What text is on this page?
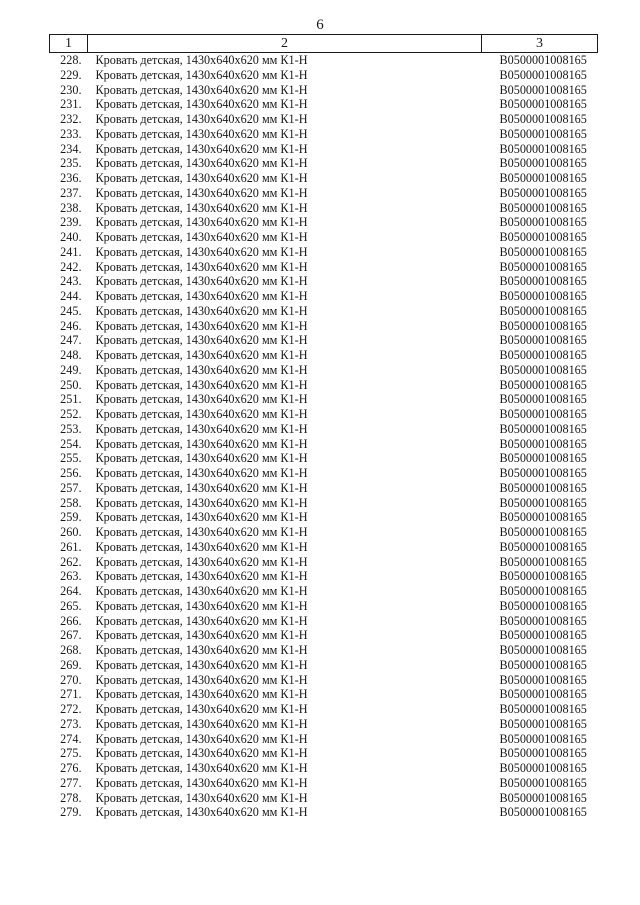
6
1	2	3
228.	Кровать детская, 1430х640х620 мм К1-Н	B0500001008165
229.	Кровать детская, 1430х640х620 мм К1-Н	B0500001008165
230.	Кровать детская, 1430х640х620 мм К1-Н	B0500001008165
231.	Кровать детская, 1430х640х620 мм К1-Н	B0500001008165
232.	Кровать детская, 1430х640х620 мм К1-Н	B0500001008165
233.	Кровать детская, 1430х640х620 мм К1-Н	B0500001008165
234.	Кровать детская, 1430х640х620 мм К1-Н	B0500001008165
235.	Кровать детская, 1430х640х620 мм К1-Н	B0500001008165
236.	Кровать детская, 1430х640х620 мм К1-Н	B0500001008165
237.	Кровать детская, 1430х640х620 мм К1-Н	B0500001008165
238.	Кровать детская, 1430х640х620 мм К1-Н	B0500001008165
239.	Кровать детская, 1430х640х620 мм К1-Н	B0500001008165
240.	Кровать детская, 1430х640х620 мм К1-Н	B0500001008165
241.	Кровать детская, 1430х640х620 мм К1-Н	B0500001008165
242.	Кровать детская, 1430х640х620 мм К1-Н	B0500001008165
243.	Кровать детская, 1430х640х620 мм К1-Н	B0500001008165
244.	Кровать детская, 1430х640х620 мм К1-Н	B0500001008165
245.	Кровать детская, 1430х640х620 мм К1-Н	B0500001008165
246.	Кровать детская, 1430х640х620 мм К1-Н	B0500001008165
247.	Кровать детская, 1430х640х620 мм К1-Н	B0500001008165
248.	Кровать детская, 1430х640х620 мм К1-Н	B0500001008165
249.	Кровать детская, 1430х640х620 мм К1-Н	B0500001008165
250.	Кровать детская, 1430х640х620 мм К1-Н	B0500001008165
251.	Кровать детская, 1430х640х620 мм К1-Н	B0500001008165
252.	Кровать детская, 1430х640х620 мм К1-Н	B0500001008165
253.	Кровать детская, 1430х640х620 мм К1-Н	B0500001008165
254.	Кровать детская, 1430х640х620 мм К1-Н	B0500001008165
255.	Кровать детская, 1430х640х620 мм К1-Н	B0500001008165
256.	Кровать детская, 1430х640х620 мм К1-Н	B0500001008165
257.	Кровать детская, 1430х640х620 мм К1-Н	B0500001008165
258.	Кровать детская, 1430х640х620 мм К1-Н	B0500001008165
259.	Кровать детская, 1430х640х620 мм К1-Н	B0500001008165
260.	Кровать детская, 1430х640х620 мм К1-Н	B0500001008165
261.	Кровать детская, 1430х640х620 мм К1-Н	B0500001008165
262.	Кровать детская, 1430х640х620 мм К1-Н	B0500001008165
263.	Кровать детская, 1430х640х620 мм К1-Н	B0500001008165
264.	Кровать детская, 1430х640х620 мм К1-Н	B0500001008165
265.	Кровать детская, 1430х640х620 мм К1-Н	B0500001008165
266.	Кровать детская, 1430х640х620 мм К1-Н	B0500001008165
267.	Кровать детская, 1430х640х620 мм К1-Н	B0500001008165
268.	Кровать детская, 1430х640х620 мм К1-Н	B0500001008165
269.	Кровать детская, 1430х640х620 мм К1-Н	B0500001008165
270.	Кровать детская, 1430х640х620 мм К1-Н	B0500001008165
271.	Кровать детская, 1430х640х620 мм К1-Н	B0500001008165
272.	Кровать детская, 1430х640х620 мм К1-Н	B0500001008165
273.	Кровать детская, 1430х640х620 мм К1-Н	B0500001008165
274.	Кровать детская, 1430х640х620 мм К1-Н	B0500001008165
275.	Кровать детская, 1430х640х620 мм К1-Н	B0500001008165
276.	Кровать детская, 1430х640х620 мм К1-Н	B0500001008165
277.	Кровать детская, 1430х640х620 мм К1-Н	B0500001008165
278.	Кровать детская, 1430х640х620 мм К1-Н	B0500001008165
279.	Кровать детская, 1430х640х620 мм К1-Н	B0500001008165
